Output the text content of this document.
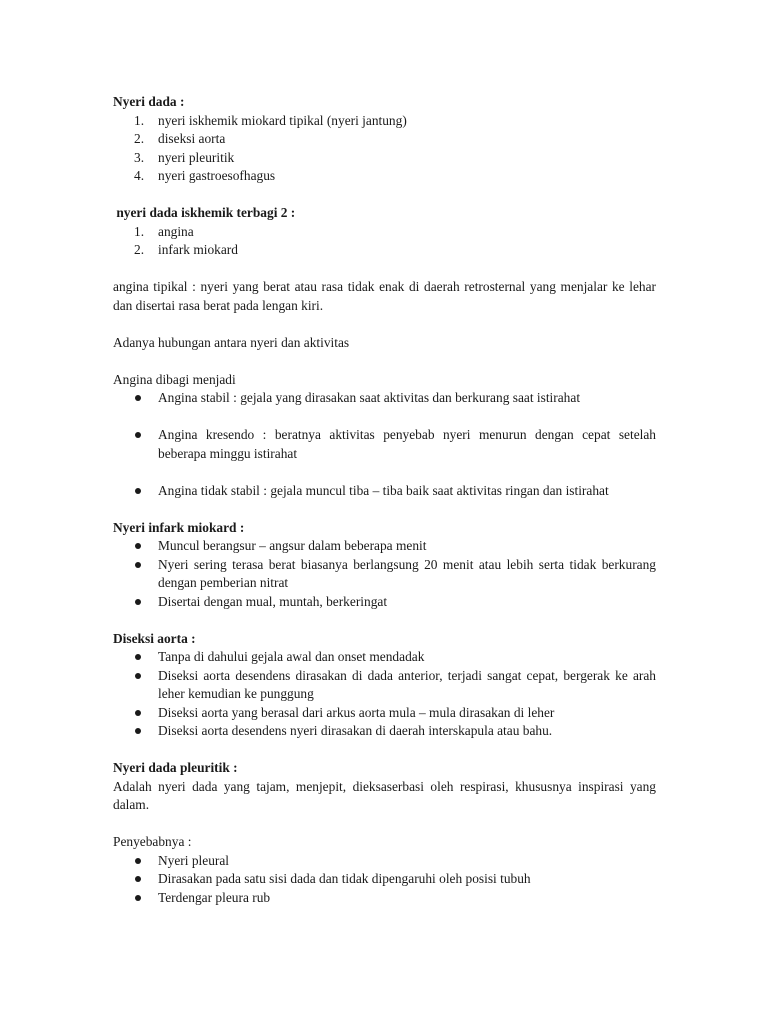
Nyeri dada :

1. nyeri iskhemik miokard tipikal (nyeri jantung)
2. diseksi aorta
3. nyeri pleuritik
4. nyeri gastroesofhagus

nyeri dada iskhemik terbagi 2 :

1. angina
2. infark miokard

angina tipikal : nyeri yang berat atau rasa tidak enak di daerah retrosternal yang menjalar ke lehar dan disertai rasa berat pada lengan kiri.

Adanya hubungan antara nyeri dan aktivitas

Angina dibagi menjadi

Angina stabil : gejala yang dirasakan saat aktivitas dan berkurang saat istirahat
Angina kresendo : beratnya aktivitas penyebab nyeri menurun dengan cepat setelah beberapa minggu istirahat
Angina tidak stabil : gejala muncul tiba – tiba baik saat aktivitas ringan dan istirahat

Nyeri infark miokard :

Muncul berangsur – angsur dalam beberapa menit
Nyeri sering terasa berat biasanya berlangsung 20 menit atau lebih serta tidak berkurang dengan pemberian nitrat
Disertai dengan mual, muntah, berkeringat

Diseksi aorta :

Tanpa di dahului gejala awal dan onset mendadak
Diseksi aorta desendens dirasakan di dada anterior, terjadi sangat cepat, bergerak ke arah leher kemudian ke punggung
Diseksi aorta yang berasal dari arkus aorta mula – mula dirasakan di leher
Diseksi aorta desendens nyeri dirasakan di daerah interskapula atau bahu.

Nyeri dada pleuritik :

Adalah nyeri dada yang tajam, menjepit, dieksaserbasi oleh respirasi, khususnya inspirasi yang dalam.

Penyebabnya :

Nyeri pleural
Dirasakan pada satu sisi dada dan tidak dipengaruhi oleh posisi tubuh
Terdengar pleura rub
